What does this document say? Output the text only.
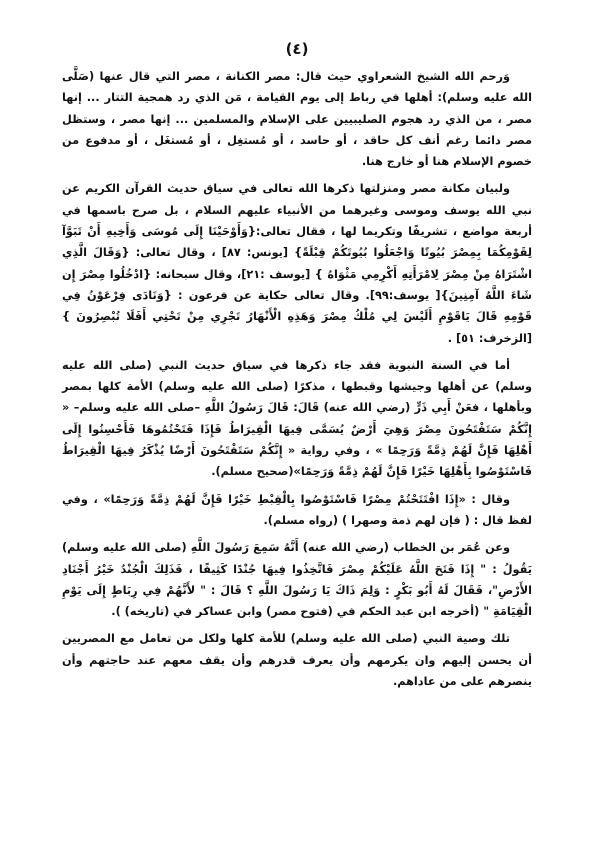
(٤)

وَرحم الله الشيخ الشعراوي حيث قال: مصر الكنانة ، مصر التي قال عنها (صَلَّى الله عليه وسلم): أهلها في رباط إلى يوم القيامة ، مَن الذي رد همجية التتار ... إنها مصر ، من الذي رد هجوم الصليبيين على الإسلام والمسلمين ... إنها مصر ، وستظل مصر دائما رغم أنف كل حاقد ، أو حاسد ، أو مُستغِل ، أو مُستغَل ، أو مدفوع من خصوم الإسلام هنا أو خارج هنا.

ولبيان مكانة مصر ومنزلتها ذكرها الله تعالى في سياق حديث القرآن الكريم عن نبي الله يوسف وموسى وغيرهما من الأنبياء عليهم السلام ، بل صرح باسمها في أربعة مواضع ، تشريفًا وتكريما لها ، فقال تعالى:{وَأَوْحَيْنَا إِلَى مُوسَى وَأَخِيهِ أَنْ تَبَوَّآ لِقَوْمِكُمَا بِمِصْرَ بُيُوتًا وَاجْعَلُوا بُيُوتَكُمْ قِبْلَةً} [يونس: ٨٧] ، وقال تعالى: {وَقَالَ الَّذِي اشْتَرَاهُ مِنْ مِصْرَ لِامْرَأَتِهِ أَكْرِمِي مَثْوَاهُ } [يوسف :٢١]، وقال سبحانه: {ادْخُلُوا مِصْرَ إِن شَاءَ اللَّهُ آمِنِينَ}[ يوسف:٩٩]. وقال تعالى حكاية عن فرعون : {وَنَادَى فِرْعَوْنُ فِي قَوْمِهِ قَالَ يَاقَوْمِ أَلَيْسَ لِي مُلْكُ مِصْرَ وَهَذِهِ الْأَنْهَارُ تَجْرِي مِنْ تَحْتِي أَفَلَا تُبْصِرُونَ } [الزخرف: ٥١] .

أما في السنة النبوية فقد جاء ذكرها في سياق حديث النبي (صلى الله عليه وسلم) عن أهلها وجيشها وقبطها ، مذكرًا (صلى الله عليه وسلم) الأمة كلها بمصر وبأهلها ، فعَنْ أَبِي ذَرٍّ (رضي الله عنه) قَالَ: قَالَ رَسُولُ اللَّهِ –صلى الله عليه وسلم– « إِنَّكُمْ سَتَفْتَحُونَ مِصْرَ وَهِيَ أَرْضٌ يُسَمَّى فِيهَا الْقِيرَاطُ فَإِذَا فَتَحْتُمُوهَا فَأَحْسِنُوا إِلَى أَهْلِهَا فَإِنَّ لَهُمْ ذِمَّةً وَرَحِمًا » ، وفي رواية « إِنَّكُمْ سَتَفْتَحُونَ أَرْضًا يُذْكَرُ فِيهَا الْقِيرَاطُ فَاسْتَوْصُوا بِأَهْلِهَا خَيْرًا فَإِنَّ لَهُمْ ذِمَّةً وَرَحِمًا»(صحيح مسلم).

وقال : «إِذَا افْتَتَحْتُمْ مِصْرًا فَاسْتَوْصُوا بِالْقِبْطِ خَيْرًا فَإِنَّ لَهُمْ ذِمَّةً وَرَحِمًا» ، وفي لفظ قال : ( فإن لهم ذمة وصهرا ) (رواه مسلم).

وعن عُمَر بن الخطاب (رضي الله عنه) أَنَّهُ سَمِعَ رَسُولَ اللَّهِ (صلى الله عليه وسلم) يَقُولُ : " إِذَا فَتَحَ اللَّهُ عَلَيْكُمْ مِصْرَ فَاتَّخِذُوا فِيهَا جُنْدًا كَثِيفًا ، فَذَلِكَ الْجُنْدُ خَيْرُ أَجْنَادِ الأَرْضِ"، فَقَالَ لَهُ أَبُو بَكْرٍ : وَلِمَ ذَاكَ يَا رَسُولَ اللَّهِ ؟ قَالَ : " لأَنَّهُمْ فِي رِبَاطٍ إِلَى يَوْمِ الْقِيَامَةِ " (أخرجه ابن عبد الحكم في (فتوح مصر) وابن عساكر في (تاريخه) ).

تلك وصية النبي (صلى الله عليه وسلم) للأمة كلها ولكل من تعامل مع المصريين أن يحسن إليهم وان يكرمهم وأن يعرف قدرهم وأن يقف معهم عند حاجتهم وأن ينصرهم على من عاداهم.
